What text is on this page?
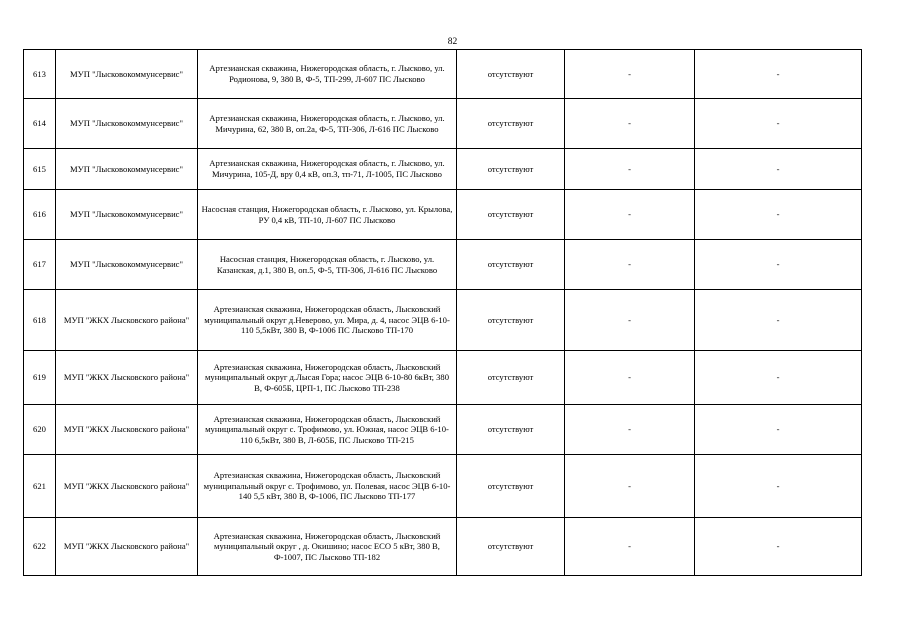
82
613	МУП "Лысковокоммунсервис"	Артезианская скважина, Нижегородская область, г. Лысково, ул. Родионова, 9, 380 В, Ф-5, ТП-299, Л-607 ПС Лысково	отсутствуют	-	-
614	МУП "Лысковокоммунсервис"	Артезианская скважина, Нижегородская область, г. Лысково, ул. Мичурина, 62, 380 В, оп.2а, Ф-5, ТП-306, Л-616 ПС Лысково	отсутствуют	-	-
615	МУП "Лысковокоммунсервис"	Артезианская скважина, Нижегородская область, г. Лысково, ул. Мичурина, 105-Д, вру 0,4 кВ, оп.3, тп-71, Л-1005, ПС Лысково	отсутствуют	-	-
616	МУП "Лысковокоммунсервис"	Насосная станция, Нижегородская область, г. Лысково, ул. Крылова, РУ 0,4 кВ, ТП-10, Л-607 ПС Лысково	отсутствуют	-	-
617	МУП "Лысковокоммунсервис"	Насосная станция, Нижегородская область, г. Лысково, ул. Казанская, д.1, 380 В, оп.5, Ф-5, ТП-306, Л-616 ПС Лысково	отсутствуют	-	-
618	МУП "ЖКХ Лысковского района"	Артезианская скважина, Нижегородская область, Лысковский муниципальный округ д.Неверово, ул. Мира, д. 4, насос ЭЦВ 6-10-110 5,5кВт, 380 В, Ф-1006 ПС Лысково ТП-170	отсутствуют	-	-
619	МУП "ЖКХ Лысковского района"	Артезианская скважина, Нижегородская область, Лысковский муниципальный округ д.Лысая Гора; насос ЭЦВ 6-10-80 6кВт, 380 В, Ф-605Б, ЦРП-1, ПС Лысково ТП-238	отсутствуют	-	-
620	МУП "ЖКХ Лысковского района"	Артезианская скважина, Нижегородская область, Лысковский муниципальный округ с. Трофимово, ул. Южная, насос ЭЦВ 6-10-110 6,5кВт, 380 В, Л-605Б, ПС Лысково ТП-215	отсутствуют	-	-
621	МУП "ЖКХ Лысковского района"	Артезианская скважина, Нижегородская область, Лысковский муниципальный округ с. Трофимово, ул. Полевая, насос ЭЦВ 6-10-140 5,5 кВт, 380 В, Ф-1006, ПС Лысково ТП-177	отсутствуют	-	-
622	МУП "ЖКХ Лысковского района"	Артезианская скважина, Нижегородская область, Лысковский муниципальный округ , д. Окишино; насос ЕСО 5 кВт, 380 В, Ф-1007, ПС Лысково ТП-182	отсутствуют	-	-
